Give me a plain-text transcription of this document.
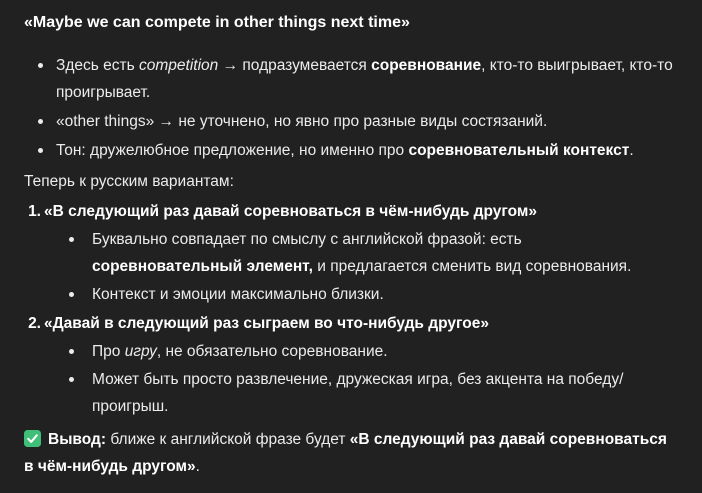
«Maybe we can compete in other things next time»
Здесь есть competition → подразумевается соревнование, кто-то выигрывает, кто-то проигрывает.
«other things» → не уточнено, но явно про разные виды состязаний.
Тон: дружелюбное предложение, но именно про соревновательный контекст.

Теперь к русским вариантам:

1. «В следующий раз давай соревноваться в чём-нибудь другом»
Буквально совпадает по смыслу с английской фразой: есть соревновательный элемент, и предлагается сменить вид соревнования.
Контекст и эмоции максимально близки.
2. «Давай в следующий раз сыграем во что-нибудь другое»
Про игру, не обязательно соревнование.
Может быть просто развлечение, дружеская игра, без акцента на победу/проигрыш.

Вывод: ближе к английской фразе будет «В следующий раз давай соревноваться в чём-нибудь другом».
